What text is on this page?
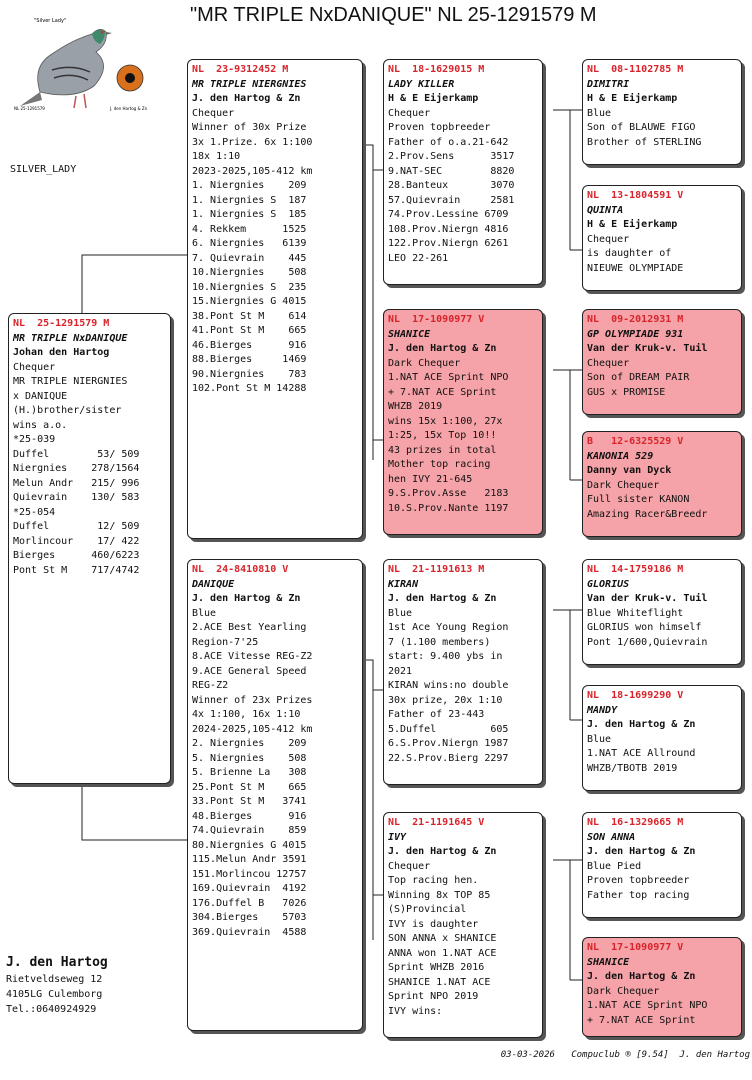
"MR TRIPLE NxDANIQUE" NL 25-1291579 M
"Silver Lady"
NL 25-1291579	J. den Hartog & Zn
SILVER_LADY
NL  25-1291579 M
MR TRIPLE NxDANIQUE
Johan den Hartog
Chequer
MR TRIPLE NIERGNIES
x DANIQUE
(H.)brother/sister
wins a.o.
*25-039
Duffel        53/ 509
Niergnies    278/1564
Melun Andr   215/ 996
Quievrain    130/ 583
*25-054
Duffel        12/ 509
Morlincour    17/ 422
Bierges      460/6223
Pont St M    717/4742
NL  23-9312452 M
MR TRIPLE NIERGNIES
J. den Hartog & Zn
Chequer
Winner of 30x Prize
3x 1.Prize. 6x 1:100
18x 1:10
2023-2025,105-412 km
1. Niergnies    209
1. Niergnies S  187
1. Niergnies S  185
4. Rekkem      1525
6. Niergnies   6139
7. Quievrain    445
10.Niergnies    508
10.Niergnies S  235
15.Niergnies G 4015
38.Pont St M    614
41.Pont St M    665
46.Bierges      916
88.Bierges     1469
90.Niergnies    783
102.Pont St M 14288
NL  24-8410810 V
DANIQUE
J. den Hartog & Zn
Blue
2.ACE Best Yearling
Region-7'25
8.ACE Vitesse REG-Z2
9.ACE General Speed
REG-Z2
Winner of 23x Prizes
4x 1:100, 16x 1:10
2024-2025,105-412 km
2. Niergnies    209
5. Niergnies    508
5. Brienne La   308
25.Pont St M    665
33.Pont St M   3741
48.Bierges      916
74.Quievrain    859
80.Niergnies G 4015
115.Melun Andr 3591
151.Morlincou 12757
169.Quievrain  4192
176.Duffel B   7026
304.Bierges    5703
369.Quievrain  4588
NL  18-1629015 M
LADY KILLER
H & E Eijerkamp
Chequer
Proven topbreeder
Father of o.a.21-642
2.Prov.Sens      3517
9.NAT-SEC        8820
28.Banteux       3070
57.Quievrain     2581
74.Prov.Lessine 6709
108.Prov.Niergn 4816
122.Prov.Niergn 6261
LEO 22-261
NL  17-1090977 V
SHANICE
J. den Hartog & Zn
Dark Chequer
1.NAT ACE Sprint NPO
+ 7.NAT ACE Sprint
WHZB 2019
wins 15x 1:100, 27x
1:25, 15x Top 10!!
43 prizes in total
Mother top racing
hen IVY 21-645
9.S.Prov.Asse   2183
10.S.Prov.Nante 1197
NL  21-1191613 M
KIRAN
J. den Hartog & Zn
Blue
1st Ace Young Region
7 (1.100 members)
start: 9.400 ybs in
2021
KIRAN wins:no double
30x prize, 20x 1:10
Father of 23-443
5.Duffel         605
6.S.Prov.Niergn 1987
22.S.Prov.Bierg 2297
NL  21-1191645 V
IVY
J. den Hartog & Zn
Chequer
Top racing hen.
Winning 8x TOP 85
(S)Provincial
IVY is daughter
SON ANNA x SHANICE
ANNA won 1.NAT ACE
Sprint WHZB 2016
SHANICE 1.NAT ACE
Sprint NPO 2019
IVY wins:
NL  08-1102785 M
DIMITRI
H & E Eijerkamp
Blue
Son of BLAUWE FIGO
Brother of STERLING
NL  13-1804591 V
QUINTA
H & E Eijerkamp
Chequer
is daughter of
NIEUWE OLYMPIADE
NL  09-2012931 M
GP OLYMPIADE 931
Van der Kruk-v. Tuil
Chequer
Son of DREAM PAIR
GUS x PROMISE
B   12-6325529 V
KANONIA 529
Danny van Dyck
Dark Chequer
Full sister KANON
Amazing Racer&Breedr
NL  14-1759186 M
GLORIUS
Van der Kruk-v. Tuil
Blue Whiteflight
GLORIUS won himself
Pont 1/600,Quievrain
NL  18-1699290 V
MANDY
J. den Hartog & Zn
Blue
1.NAT ACE Allround
WHZB/TBOTB 2019
NL  16-1329665 M
SON ANNA
J. den Hartog & Zn
Blue Pied
Proven topbreeder
Father top racing
NL  17-1090977 V
SHANICE
J. den Hartog & Zn
Dark Chequer
1.NAT ACE Sprint NPO
+ 7.NAT ACE Sprint
J. den Hartog
Rietveldseweg 12
4105LG Culemborg
Tel.:0640924929
03-03-2026   Compuclub ® [9.54]  J. den Hartog
